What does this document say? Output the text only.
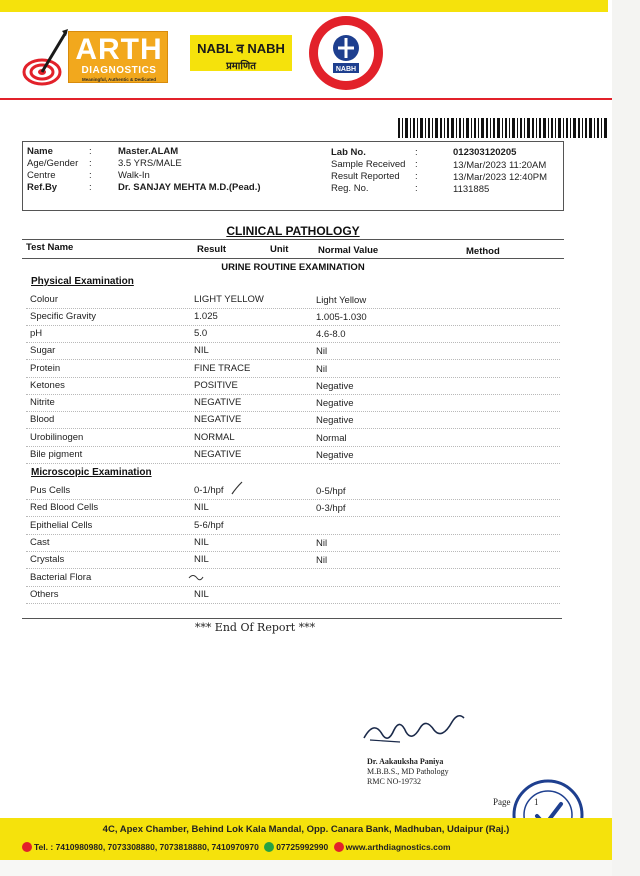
ARTH
DIAGNOSTICS
Meaningful, Authentic & Dedicated
NABL व NABH
प्रमाणित	NABH
Name	:	Master.ALAM
Age/Gender :	3.5 YRS/MALE
Centre	:	Walk-In
Ref.By	:	Dr. SANJAY MEHTA M.D.(Pead.)
Lab No.	:	012303120205
Sample Received :	13/Mar/2023 11:20AM
Result Reported :	13/Mar/2023 12:40PM
Reg. No.	:	1131885
CLINICAL PATHOLOGY
Test Name	Result	Unit	Normal Value	Method
URINE ROUTINE EXAMINATION
Physical Examination
Colour	LIGHT YELLOW	Light Yellow
Specific Gravity	1.025	1.005-1.030
pH	5.0	4.6-8.0
Sugar	NIL	Nil
Protein	FINE TRACE	Nil
Ketones	POSITIVE	Negative
Nitrite	NEGATIVE	Negative
Blood	NEGATIVE	Negative
Urobilinogen	NORMAL	Normal
Bile pigment	NEGATIVE	Negative
Microscopic Examination
Pus Cells	0-1/hpf	0-5/hpf
Red Blood Cells	NIL	0-3/hpf
Epithelial Cells	5-6/hpf
Cast	NIL	Nil
Crystals	NIL	Nil
Bacterial Flora
Others	NIL
*** End Of Report ***
Dr. Aakauksha Paniya
M.B.B.S., MD Pathology
RMC NO-19732
Page	1
4C, Apex Chamber, Behind Lok Kala Mandal, Opp. Canara Bank, Madhuban, Udaipur (Raj.)
Tel. : 7410980980, 7073308880, 7073818880, 7410970970 07725992990 www.arthdiagnostics.com
